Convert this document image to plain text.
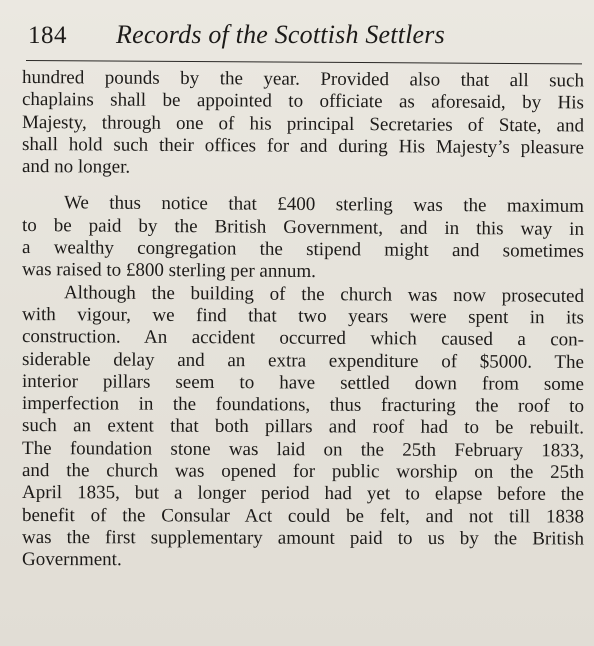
184 Records of the Scottish Settlers
hundred pounds by the year. Provided also that all such
chaplains shall be appointed to officiate as aforesaid, by His
Majesty, through one of his principal Secretaries of State, and
shall hold such their offices for and during His Majesty’s pleasure
and no longer.
We thus notice that £400 sterling was the maximum
to be paid by the British Government, and in this way in
a wealthy congregation the stipend might and sometimes
was raised to £800 sterling per annum.
Although the building of the church was now prosecuted
with vigour, we find that two years were spent in its
construction. An accident occurred which caused a con-
siderable delay and an extra expenditure of $5000. The
interior pillars seem to have settled down from some
imperfection in the foundations, thus fracturing the roof to
such an extent that both pillars and roof had to be rebuilt.
The foundation stone was laid on the 25th February 1833,
and the church was opened for public worship on the 25th
April 1835, but a longer period had yet to elapse before the
benefit of the Consular Act could be felt, and not till 1838
was the first supplementary amount paid to us by the British
Government.
